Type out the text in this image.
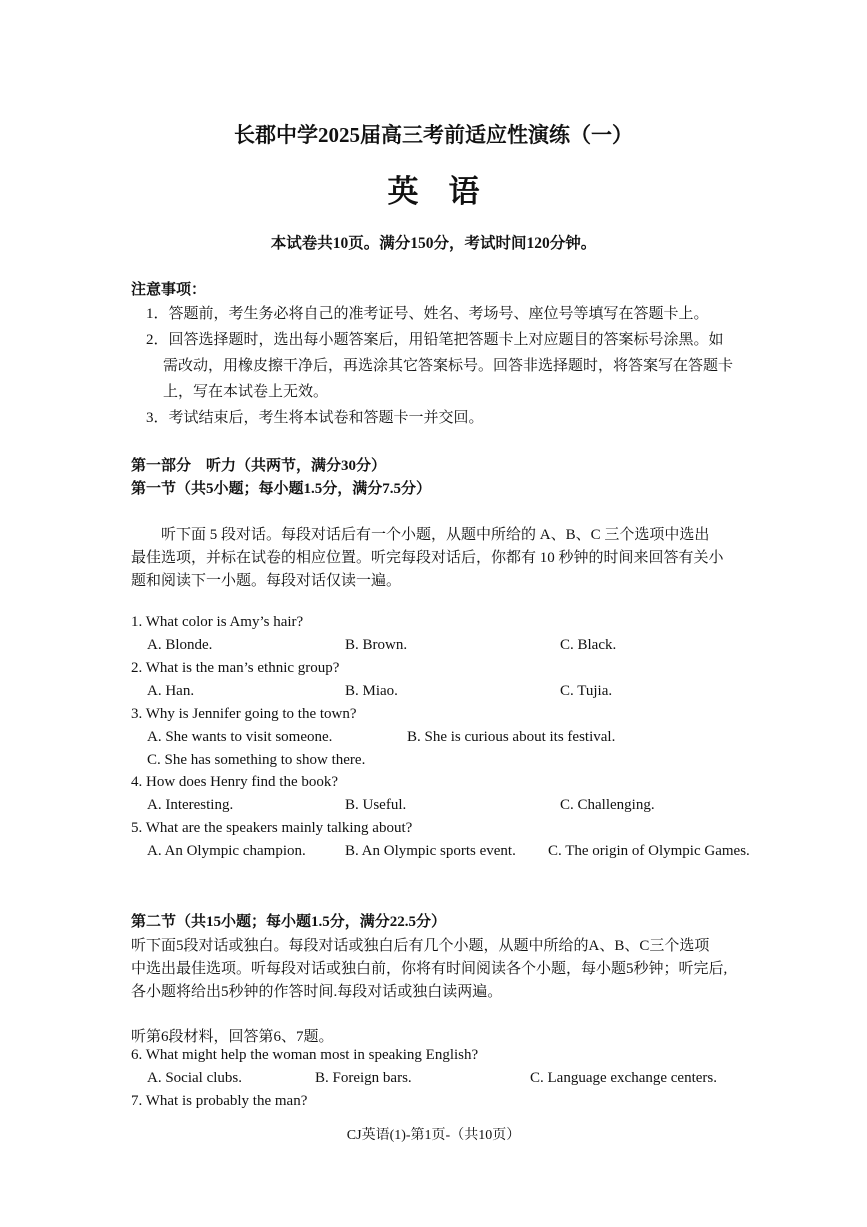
长郡中学2025届高三考前适应性演练（一）
英语
本试卷共10页。满分150分，考试时间120分钟。
注意事项：
1．答题前，考生务必将自己的准考证号、姓名、考场号、座位号等填写在答题卡上。
2．回答选择题时，选出每小题答案后，用铅笔把答题卡上对应题目的答案标号涂黑。如
需改动，用橡皮擦干净后，再选涂其它答案标号。回答非选择题时，将答案写在答题卡
上，写在本试卷上无效。
3．考试结束后，考生将本试卷和答题卡一并交回。
第一部分　听力（共两节，满分30分）
第一节（共5小题；每小题1.5分，满分7.5分）
听下面 5 段对话。每段对话后有一个小题，从题中所给的 A、B、C 三个选项中选出
最佳选项，并标在试卷的相应位置。听完每段对话后，你都有 10 秒钟的时间来回答有关小
题和阅读下一小题。每段对话仅读一遍。
1. What color is Amy’s hair?
A. Blonde.	B. Brown.	C. Black.
2. What is the man’s ethnic group?
A. Han.	B. Miao.	C. Tujia.
3. Why is Jennifer going to the town?
A. She wants to visit someone.	B. She is curious about its festival.
C. She has something to show there.
4. How does Henry find the book?
A. Interesting.	B. Useful.	C. Challenging.
5. What are the speakers mainly talking about?
A. An Olympic champion.	B. An Olympic sports event. C. The origin of Olympic Games.
第二节（共15小题；每小题1.5分，满分22.5分）
听下面5段对话或独白。每段对话或独白后有几个小题，从题中所给的A、B、C三个选项
中选出最佳选项。听每段对话或独白前，你将有时间阅读各个小题，每小题5秒钟；听完后,
各小题将给出5秒钟的作答时间.每段对话或独白读两遍。
听第6段材料，回答第6、7题。
6. What might help the woman most in speaking English?
A. Social clubs.	B. Foreign bars.	C. Language exchange centers.
7. What is probably the man?
CJ英语(1)-第1页-（共10页）
